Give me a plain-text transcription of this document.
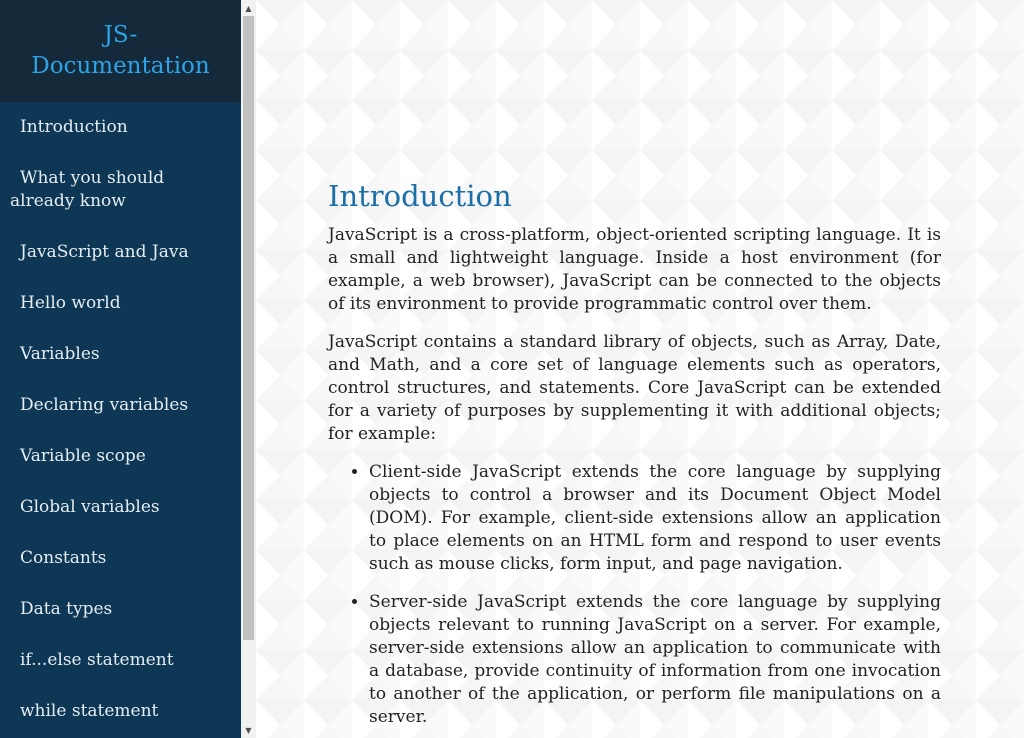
JS-Documentation
Introduction
What you should already know
JavaScript and Java
Hello world
Variables
Declaring variables
Variable scope
Global variables
Constants
Data types
if...else statement
while statement
▲
▼
Introduction

JavaScript is a cross-platform, object-oriented scripting language. It is a small and lightweight language. Inside a host environment (for example, a web browser), JavaScript can be connected to the objects of its environment to provide programmatic control over them.

JavaScript contains a standard library of objects, such as Array, Date, and Math, and a core set of language elements such as operators, control structures, and statements. Core JavaScript can be extended for a variety of purposes by supplementing it with additional objects; for example:

• Client-side JavaScript extends the core language by supplying objects to control a browser and its Document Object Model (DOM). For example, client-side extensions allow an application to place elements on an HTML form and respond to user events such as mouse clicks, form input, and page navigation.
• Server-side JavaScript extends the core language by supplying objects relevant to running JavaScript on a server. For example, server-side extensions allow an application to communicate with a database, provide continuity of information from one invocation to another of the application, or perform file manipulations on a server.
